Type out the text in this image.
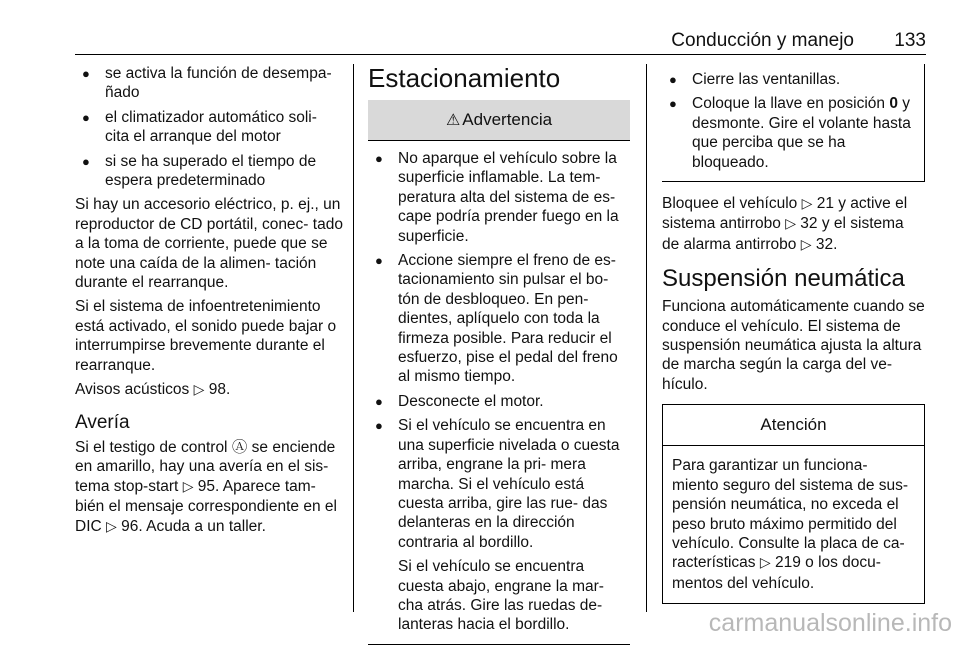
Conducción y manejo 133
● se activa la función de desempa- ñado
● el climatizador automático soli- cita el arranque del motor
● si se ha superado el tiempo de espera predeterminado

Si hay un accesorio eléctrico, p. ej., un reproductor de CD portátil, conec- tado a la toma de corriente, puede que se note una caída de la alimen- tación durante el rearranque.

Si el sistema de infoentretenimiento está activado, el sonido puede bajar o interrumpirse brevemente durante el rearranque.

Avisos acústicos ▷ 98.

Avería

Si el testigo de control Ⓐ se enciende en amarillo, hay una avería en el sis- tema stop-start ▷ 95. Aparece tam- bién el mensaje correspondiente en el DIC ▷ 96. Acuda a un taller.

Estacionamiento
⚠ Advertencia
● No aparque el vehículo sobre la superficie inflamable. La tem- peratura alta del sistema de es- cape podría prender fuego en la superficie.
● Accione siempre el freno de es- tacionamiento sin pulsar el bo- tón de desbloqueo. En pen- dientes, aplíquelo con toda la firmeza posible. Para reducir el esfuerzo, pise el pedal del freno al mismo tiempo.
● Desconecte el motor.
● Si el vehículo se encuentra en una superficie nivelada o cuesta arriba, engrane la pri- mera marcha. Si el vehículo está cuesta arriba, gire las rue- das delanteras en la dirección contraria al bordillo.

Si el vehículo se encuentra cuesta abajo, engrane la mar- cha atrás. Gire las ruedas de- lanteras hacia el bordillo.

● Cierre las ventanillas.
● Coloque la llave en posición 0 y desmonte. Gire el volante hasta que perciba que se ha bloqueado.

Bloquee el vehículo ▷ 21 y active el sistema antirrobo ▷ 32 y el sistema de alarma antirrobo ▷ 32.

Suspensión neumática

Funciona automáticamente cuando se conduce el vehículo. El sistema de suspensión neumática ajusta la altura de marcha según la carga del ve- hículo.

Atención
Para garantizar un funciona- miento seguro del sistema de sus- pensión neumática, no exceda el peso bruto máximo permitido del vehículo. Consulte la placa de ca- racterísticas ▷ 219 o los docu- mentos del vehículo.
carmanualsonline.info
